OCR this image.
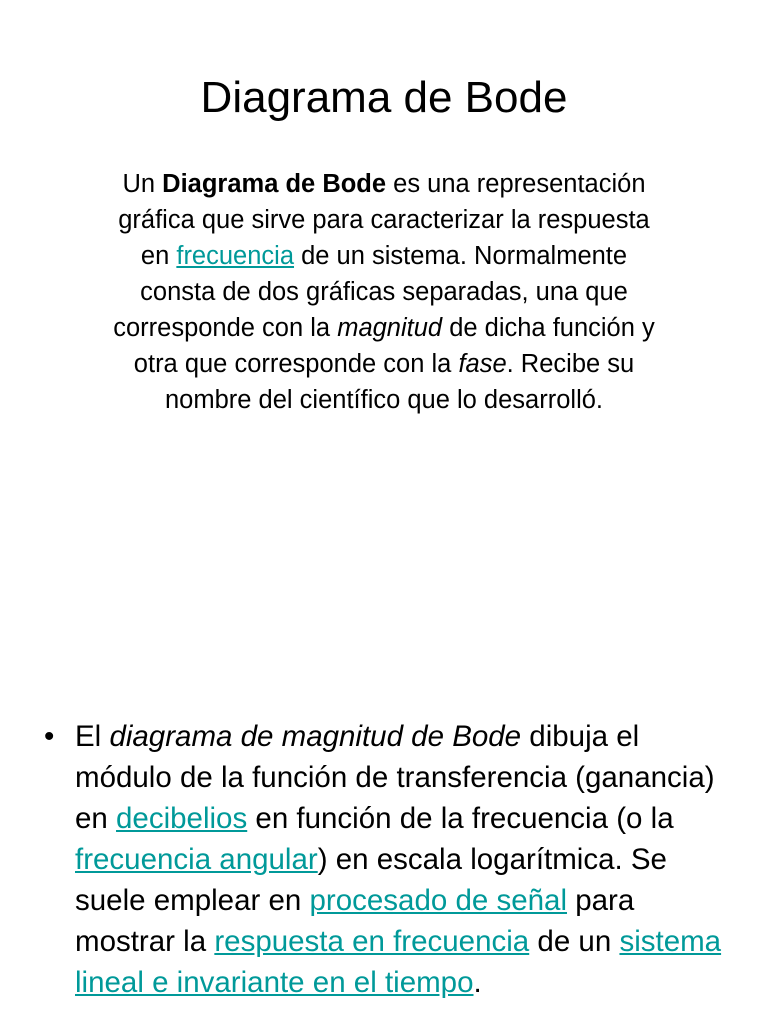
Diagrama de Bode
Un Diagrama de Bode es una representación gráfica que sirve para caracterizar la respuesta en frecuencia de un sistema. Normalmente consta de dos gráficas separadas, una que corresponde con la magnitud de dicha función y otra que corresponde con la fase. Recibe su nombre del científico que lo desarrolló.
• El diagrama de magnitud de Bode dibuja el módulo de la función de transferencia (ganancia) en decibelios en función de la frecuencia (o la frecuencia angular) en escala logarítmica. Se suele emplear en procesado de señal para mostrar la respuesta en frecuencia de un sistema lineal e invariante en el tiempo.
